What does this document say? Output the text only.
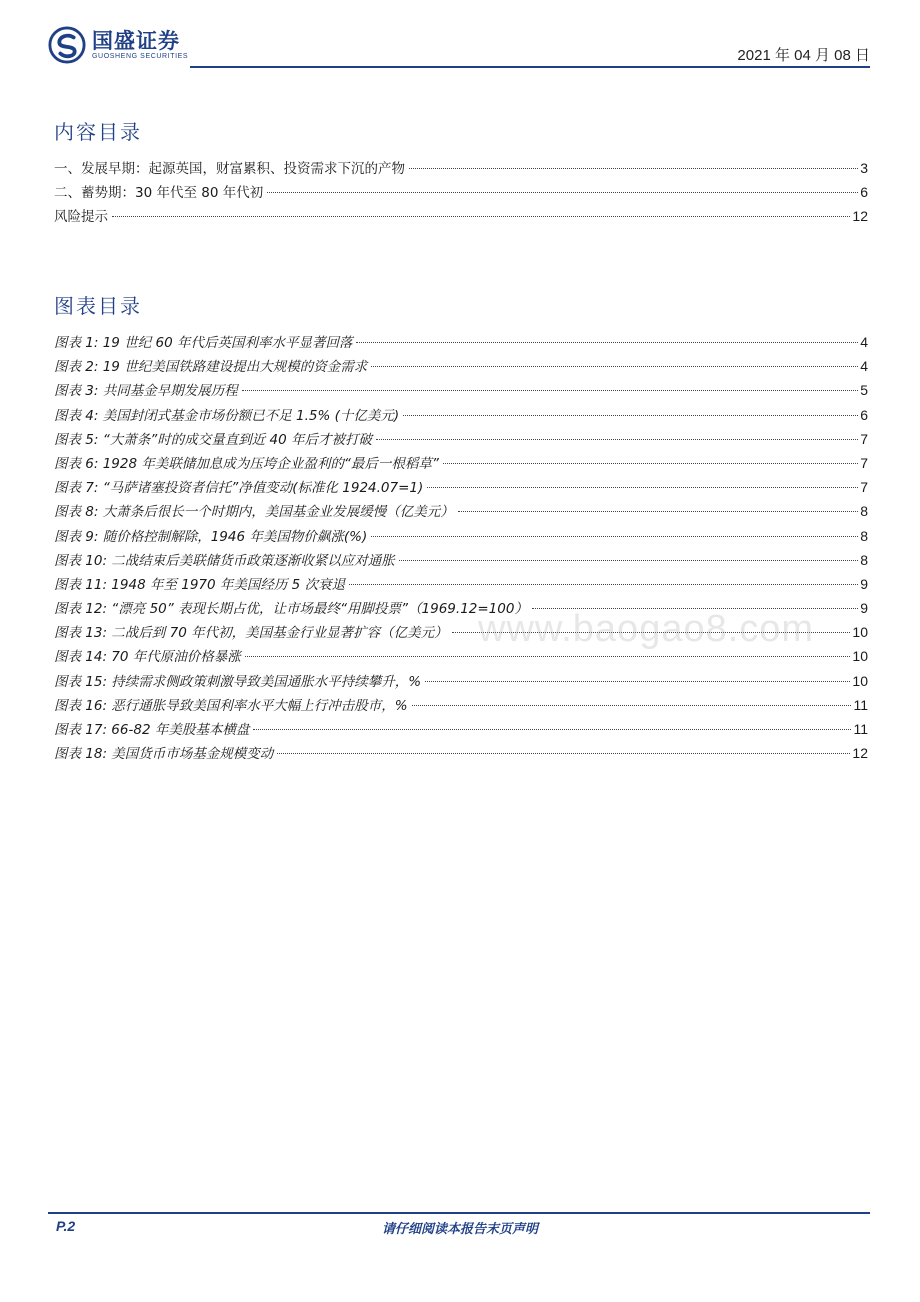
国盛证券
GUOSHENG SECURITIES	2021 年 04 月 08 日
内容目录
一、发展早期：起源英国，财富累积、投资需求下沉的产物	3
二、蓄势期：30 年代至 80 年代初	6
风险提示	12
图表目录
图表 1: 19 世纪 60 年代后英国利率水平显著回落	4
图表 2: 19 世纪美国铁路建设提出大规模的资金需求	4
图表 3: 共同基金早期发展历程	5
图表 4: 美国封闭式基金市场份额已不足 1.5% (十亿美元)	6
图表 5: “大萧条”时的成交量直到近 40 年后才被打破	7
图表 6: 1928 年美联储加息成为压垮企业盈利的“最后一根稻草”	7
图表 7: “马萨诸塞投资者信托”净值变动(标准化 1924.07=1)	7
图表 8: 大萧条后很长一个时期内，美国基金业发展缓慢（亿美元）	8
图表 9: 随价格控制解除，1946 年美国物价飙涨(%)	8
图表 10: 二战结束后美联储货币政策逐渐收紧以应对通胀	8
图表 11: 1948 年至 1970 年美国经历 5 次衰退	9
图表 12: “漂亮 50” 表现长期占优，让市场最终“用脚投票”（1969.12=100）	9
图表 13: 二战后到 70 年代初，美国基金行业显著扩容（亿美元）	10
图表 14: 70 年代原油价格暴涨	10
图表 15: 持续需求侧政策刺激导致美国通胀水平持续攀升，%	10
图表 16: 恶行通胀导致美国利率水平大幅上行冲击股市，%	11
图表 17: 66-82 年美股基本横盘	11
图表 18: 美国货币市场基金规模变动	12
www.baogao8.com
P.2	请仔细阅读本报告末页声明
